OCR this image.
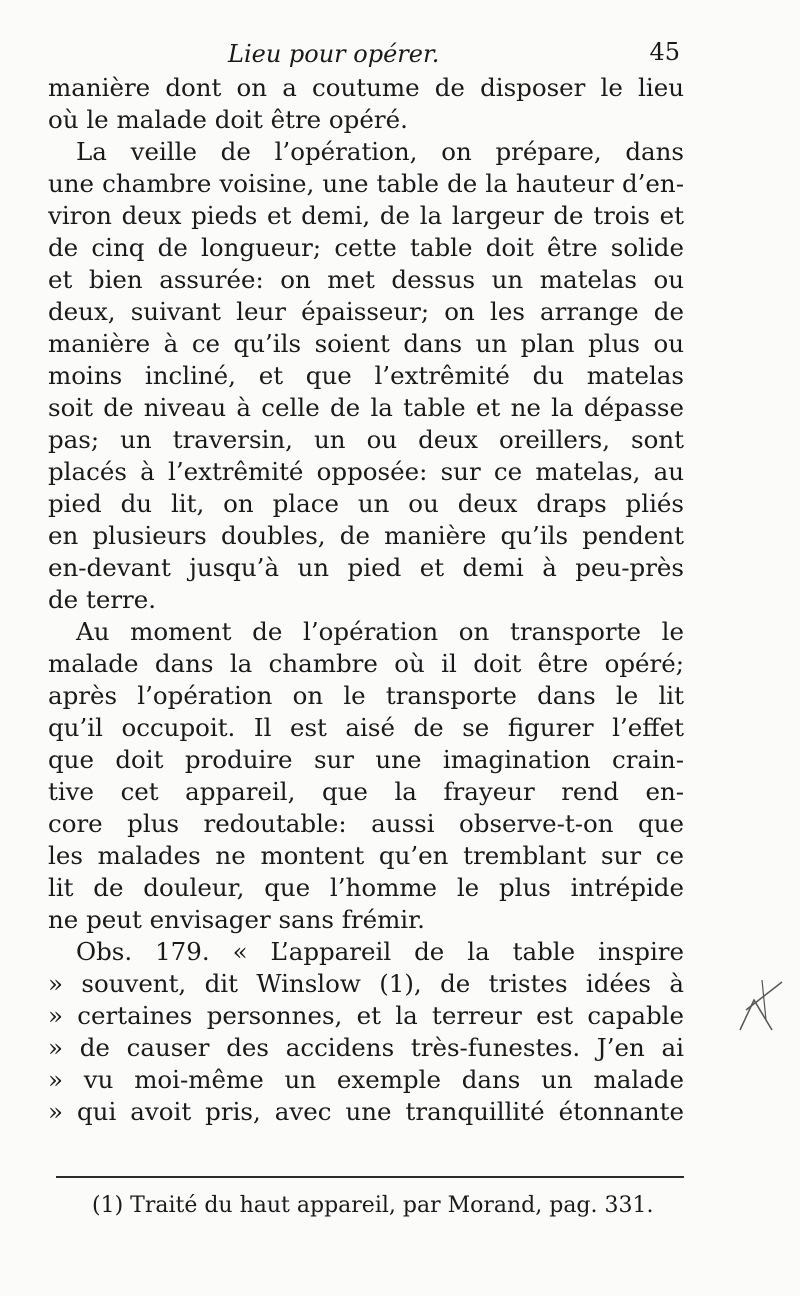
Lieu pour opérer.	45
manière dont on a coutume de disposer le lieu
où le malade doit être opéré.
La veille de l’opération, on prépare, dans
une chambre voisine, une table de la hauteur d’en-
viron deux pieds et demi, de la largeur de trois et
de cinq de longueur; cette table doit être solide
et bien assurée: on met dessus un matelas ou
deux, suivant leur épaisseur; on les arrange de
manière à ce qu’ils soient dans un plan plus ou
moins incliné, et que l’extrêmité du matelas
soit de niveau à celle de la table et ne la dépasse
pas; un traversin, un ou deux oreillers, sont
placés à l’extrêmité opposée: sur ce matelas, au
pied du lit, on place un ou deux draps pliés
en plusieurs doubles, de manière qu’ils pendent
en-devant jusqu’à un pied et demi à peu-près
de terre.
Au moment de l’opération on transporte le
malade dans la chambre où il doit être opéré;
après l’opération on le transporte dans le lit
qu’il occupoit. Il est aisé de se figurer l’effet
que doit produire sur une imagination crain-
tive cet appareil, que la frayeur rend en-
core plus redoutable: aussi observe-t-on que
les malades ne montent qu’en tremblant sur ce
lit de douleur, que l’homme le plus intrépide
ne peut envisager sans frémir.
Obs. 179. « L’appareil de la table inspire
» souvent, dit Winslow (1), de tristes idées à
» certaines personnes, et la terreur est capable
» de causer des accidens très-funestes. J’en ai
» vu moi-même un exemple dans un malade
» qui avoit pris, avec une tranquillité étonnante
(1) Traité du haut appareil, par Morand, pag. 331.
